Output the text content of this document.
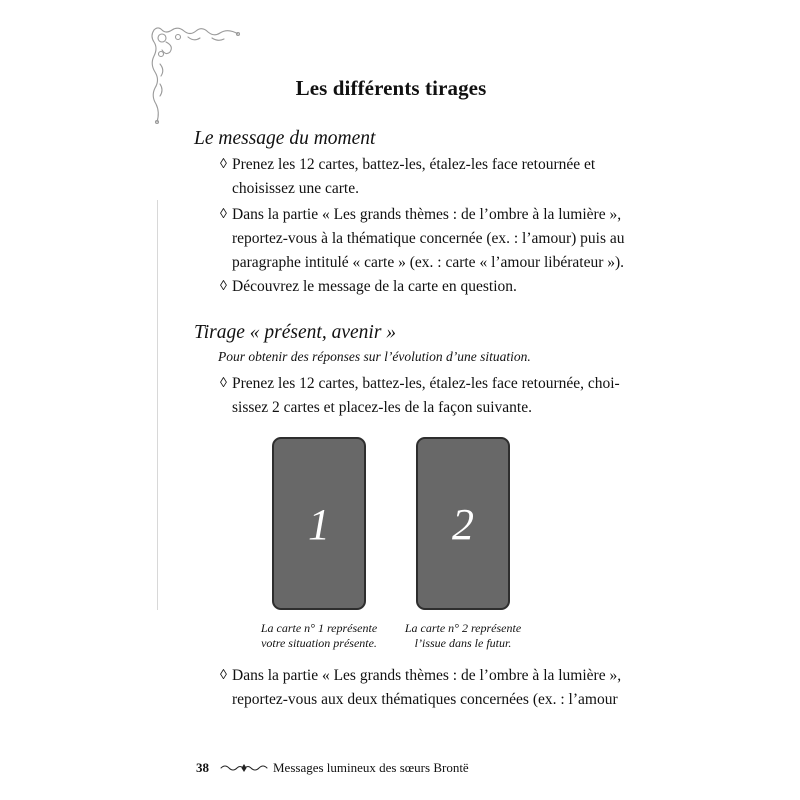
Les différents tirages
Le message du moment
◊ Prenez les 12 cartes, battez-les, étalez-les face retournée et
choisissez une carte.
◊ Dans la partie « Les grands thèmes : de l’ombre à la lumière »,
reportez-vous à la thématique concernée (ex. : l’amour) puis au
paragraphe intitulé « carte » (ex. : carte « l’amour libérateur »).
◊ Découvrez le message de la carte en question.
Tirage « présent, avenir »
Pour obtenir des réponses sur l’évolution d’une situation.
◊ Prenez les 12 cartes, battez-les, étalez-les face retournée, choi-
sissez 2 cartes et placez-les de la façon suivante.
1	2
La carte n° 1 représente
votre situation présente.
La carte n° 2 représente
l’issue dans le futur.
◊ Dans la partie « Les grands thèmes : de l’ombre à la lumière »,
reportez-vous aux deux thématiques concernées (ex. : l’amour
38	Messages lumineux des sœurs Brontë
